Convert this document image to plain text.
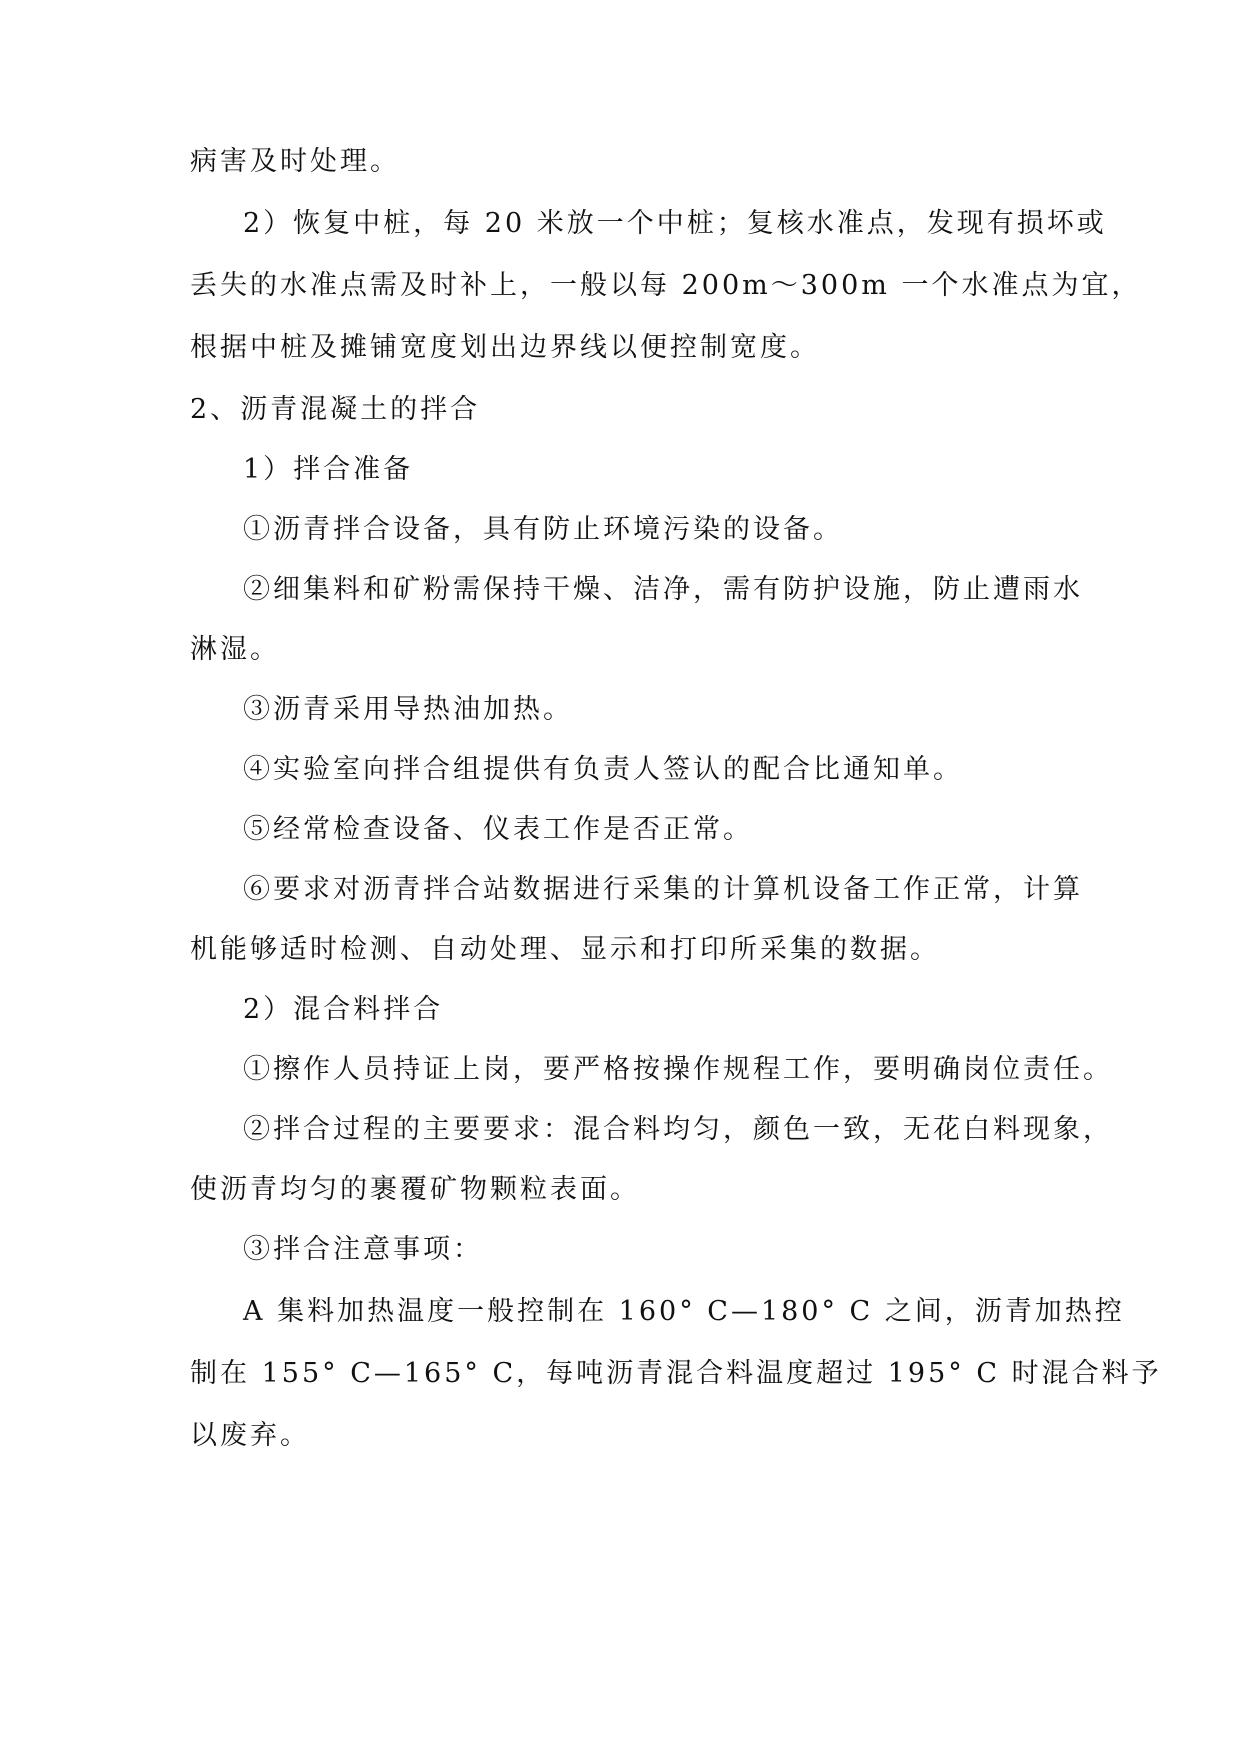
病害及时处理。
2）恢复中桩，每 20 米放一个中桩；复核水准点，发现有损坏或
丢失的水准点需及时补上，一般以每 200m～300m 一个水准点为宜，
根据中桩及摊铺宽度划出边界线以便控制宽度。
2、沥青混凝土的拌合
1）拌合准备
①沥青拌合设备，具有防止环境污染的设备。
②细集料和矿粉需保持干燥、洁净，需有防护设施，防止遭雨水
淋湿。
③沥青采用导热油加热。
④实验室向拌合组提供有负责人签认的配合比通知单。
⑤经常检查设备、仪表工作是否正常。
⑥要求对沥青拌合站数据进行采集的计算机设备工作正常，计算
机能够适时检测、自动处理、显示和打印所采集的数据。
2）混合料拌合
①擦作人员持证上岗，要严格按操作规程工作，要明确岗位责任。
②拌合过程的主要要求：混合料均匀，颜色一致，无花白料现象，
使沥青均匀的裹覆矿物颗粒表面。
③拌合注意事项：
A 集料加热温度一般控制在 160° C—180° C 之间，沥青加热控
制在 155° C—165° C，每吨沥青混合料温度超过 195° C 时混合料予
以废弃。
